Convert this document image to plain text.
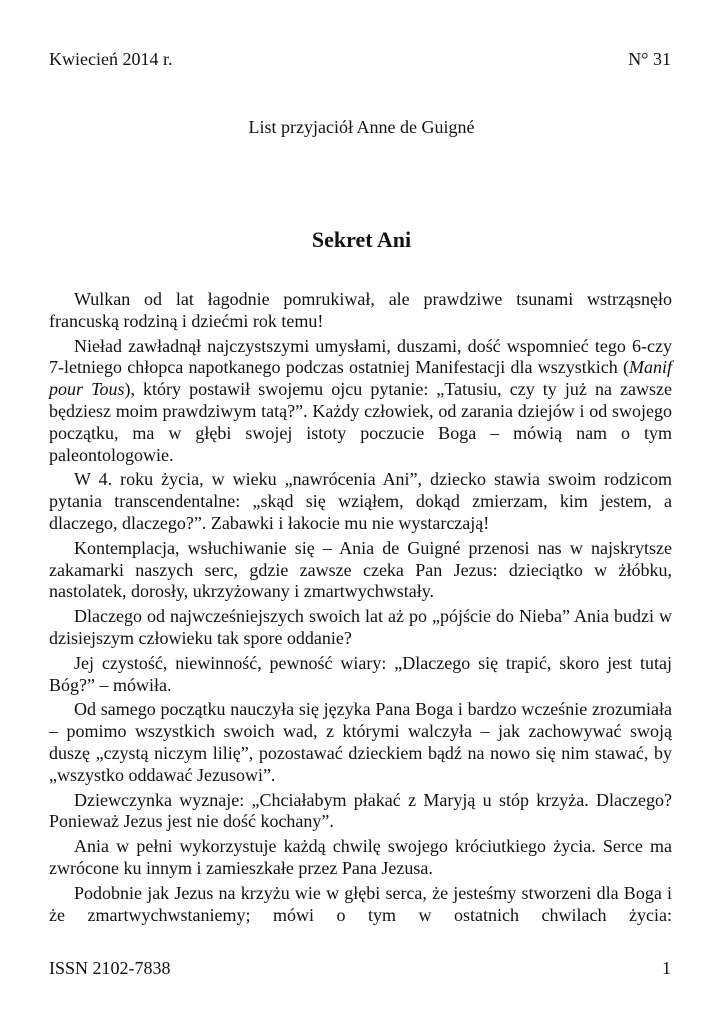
Kwiecień 2014 r.	N° 31
List przyjaciół Anne de Guigné
Sekret Ani

Wulkan od lat łagodnie pomrukiwał, ale prawdziwe tsunami wstrząsnęło francuską rodziną i dziećmi rok temu!

Nieład zawładnął najczystszymi umysłami, duszami, dość wspomnieć tego 6-czy 7-letniego chłopca napotkanego podczas ostatniej Manifestacji dla wszystkich (Manif pour Tous), który postawił swojemu ojcu pytanie: „Tatusiu, czy ty już na zawsze będziesz moim prawdziwym tatą?”. Każdy człowiek, od zarania dziejów i od swojego początku, ma w głębi swojej istoty poczucie Boga – mówią nam o tym paleontologowie.

W 4. roku życia, w wieku „nawrócenia Ani”, dziecko stawia swoim rodzicom pytania transcendentalne: „skąd się wziąłem, dokąd zmierzam, kim jestem, a dlaczego, dlaczego?”. Zabawki i łakocie mu nie wystarczają!

Kontemplacja, wsłuchiwanie się – Ania de Guigné przenosi nas w najskrytsze zakamarki naszych serc, gdzie zawsze czeka Pan Jezus: dzieciątko w żłóbku, nastolatek, dorosły, ukrzyżowany i zmartwychwstały.

Dlaczego od najwcześniejszych swoich lat aż po „pójście do Nieba” Ania budzi w dzisiejszym człowieku tak spore oddanie?

Jej czystość, niewinność, pewność wiary: „Dlaczego się trapić, skoro jest tutaj Bóg?” – mówiła.

Od samego początku nauczyła się języka Pana Boga i bardzo wcześnie zrozumiała – pomimo wszystkich swoich wad, z którymi walczyła – jak zachowywać swoją duszę „czystą niczym lilię”, pozostawać dzieckiem bądź na nowo się nim stawać, by „wszystko oddawać Jezusowi”.

Dziewczynka wyznaje: „Chciałabym płakać z Maryją u stóp krzyża. Dlaczego? Ponieważ Jezus jest nie dość kochany”.

Ania w pełni wykorzystuje każdą chwilę swojego króciutkiego życia. Serce ma zwrócone ku innym i zamieszkałe przez Pana Jezusa.

Podobnie jak Jezus na krzyżu wie w głębi serca, że jesteśmy stworzeni dla Boga i że zmartwychwstaniemy; mówi o tym w ostatnich chwilach życia:

ISSN 2102-7838	1
